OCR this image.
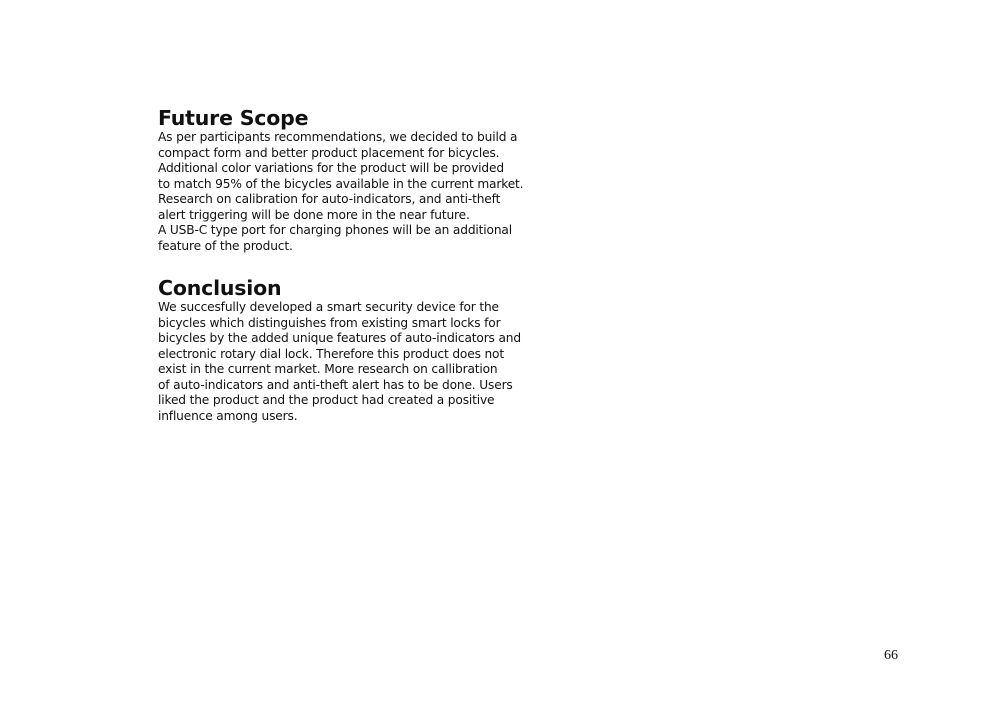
Future Scope
As per participants recommendations, we decided to build a
compact form and better product placement for bicycles.
Additional color variations for the product will be provided
to match 95% of the bicycles available in the current market.
Research on calibration for auto-indicators, and anti-theft
alert triggering will be done more in the near future.
A USB-C type port for charging phones will be an additional
feature of the product.
Conclusion
We succesfully developed a smart security device for the
bicycles which distinguishes from existing smart locks for
bicycles by the added unique features of auto-indicators and
electronic rotary dial lock. Therefore this product does not
exist in the current market. More research on callibration
of auto-indicators and anti-theft alert has to be done. Users
liked the product and the product had created a positive
influence among users.
66
